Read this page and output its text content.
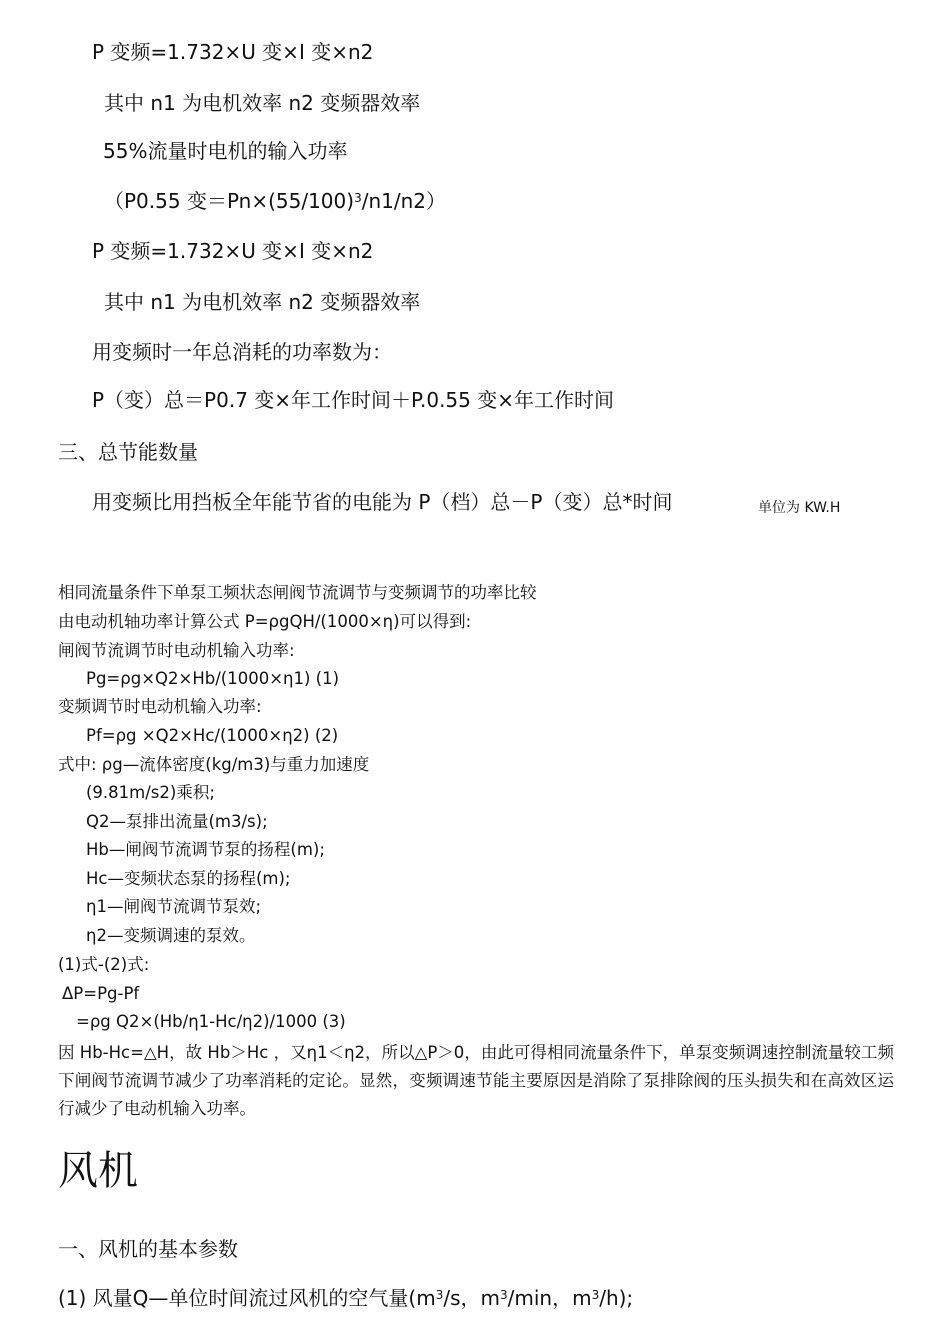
P 变频=1.732×U 变×I 变×n2
其中 n1 为电机效率 n2 变频器效率
55%流量时电机的输入功率
（P0.55 变$=Pn\times(55/100)^3/n1/n2$）
P 变频=1.732×U 变×I 变×n2
其中 n1 为电机效率 n2 变频器效率
用变频时一年总消耗的功率数为：
P（变）总＝P0.7 变×年工作时间＋P.0.55 变×年工作时间
三、总节能数量
用变频比用挡板全年能节省的电能为 P（档）总－P（变）总*时间	单位为 KW.H
相同流量条件下单泵工频状态闸阀节流调节与变频调节的功率比较
由电动机轴功率计算公式 P=ρgQH/(1000×η)可以得到:
闸阀节流调节时电动机输入功率:
Pg=ρg×Q2×Hb/(1000×η1) (1)
变频调节时电动机输入功率:
Pf=ρg ×Q2×Hc/(1000×η2) (2)
式中: ρg—流体密度(kg/m3)与重力加速度
(9.81m/s2)乘积;
Q2—泵排出流量(m3/s);
Hb—闸阀节流调节泵的扬程(m);
Hc—变频状态泵的扬程(m);
η1—闸阀节流调节泵效;
η2—变频调速的泵效。
(1)式-(2)式:
ΔP=Pg-Pf
=ρg Q2×(Hb/η1-Hc/η2)/1000 (3)
因 Hb-Hc=△H，故 Hb＞Hc ，又η1＜η2，所以△P＞0，由此可得相同流量条件下，单泵变频调速控制流量较工频下闸阀节流调节减少了功率消耗的定论。显然，变频调速节能主要原因是消除了泵排除阀的压头损失和在高效区运行减少了电动机输入功率。
风机
一、风机的基本参数
(1) 风量Q—单位时间流过风机的空气量($m^3/s$，$m^3/\min$，$m^3/h$);
